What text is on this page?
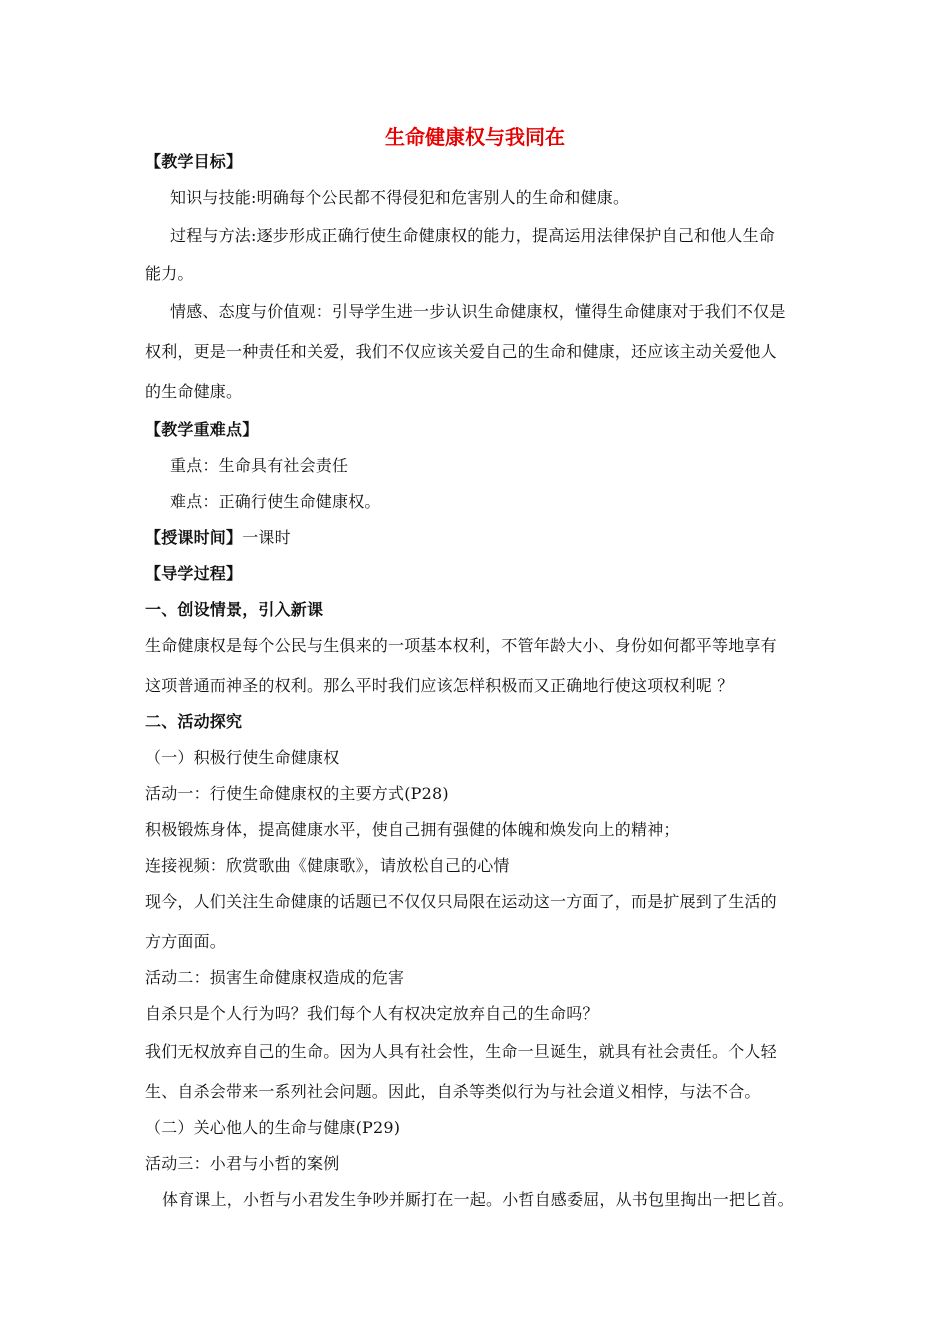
生命健康权与我同在
【教学目标】
知识与技能:明确每个公民都不得侵犯和危害别人的生命和健康。
过程与方法:逐步形成正确行使生命健康权的能力，提高运用法律保护自己和他人生命
能力。
情感、态度与价值观：引导学生进一步认识生命健康权，懂得生命健康对于我们不仅是
权利，更是一种责任和关爱，我们不仅应该关爱自己的生命和健康，还应该主动关爱他人
的生命健康。
【教学重难点】
重点：生命具有社会责任
难点：正确行使生命健康权。
【授课时间】一课时
【导学过程】
一、创设情景，引入新课
生命健康权是每个公民与生俱来的一项基本权利，不管年龄大小、身份如何都平等地享有
这项普通而神圣的权利。那么平时我们应该怎样积极而又正确地行使这项权利呢 ？
二、活动探究
（一）积极行使生命健康权
活动一：行使生命健康权的主要方式(P28)
积极锻炼身体，提高健康水平，使自己拥有强健的体魄和焕发向上的精神；
连接视频：欣赏歌曲《健康歌》，请放松自己的心情
现今，人们关注生命健康的话题已不仅仅只局限在运动这一方面了，而是扩展到了生活的
方方面面。
活动二：损害生命健康权造成的危害
自杀只是个人行为吗？我们每个人有权决定放弃自己的生命吗？
我们无权放弃自己的生命。因为人具有社会性，生命一旦诞生，就具有社会责任。个人轻
生、自杀会带来一系列社会问题。因此，自杀等类似行为与社会道义相悖，与法不合。
（二）关心他人的生命与健康(P29)
活动三：小君与小哲的案例
体育课上，小哲与小君发生争吵并厮打在一起。小哲自感委屈，从书包里掏出一把匕首。
